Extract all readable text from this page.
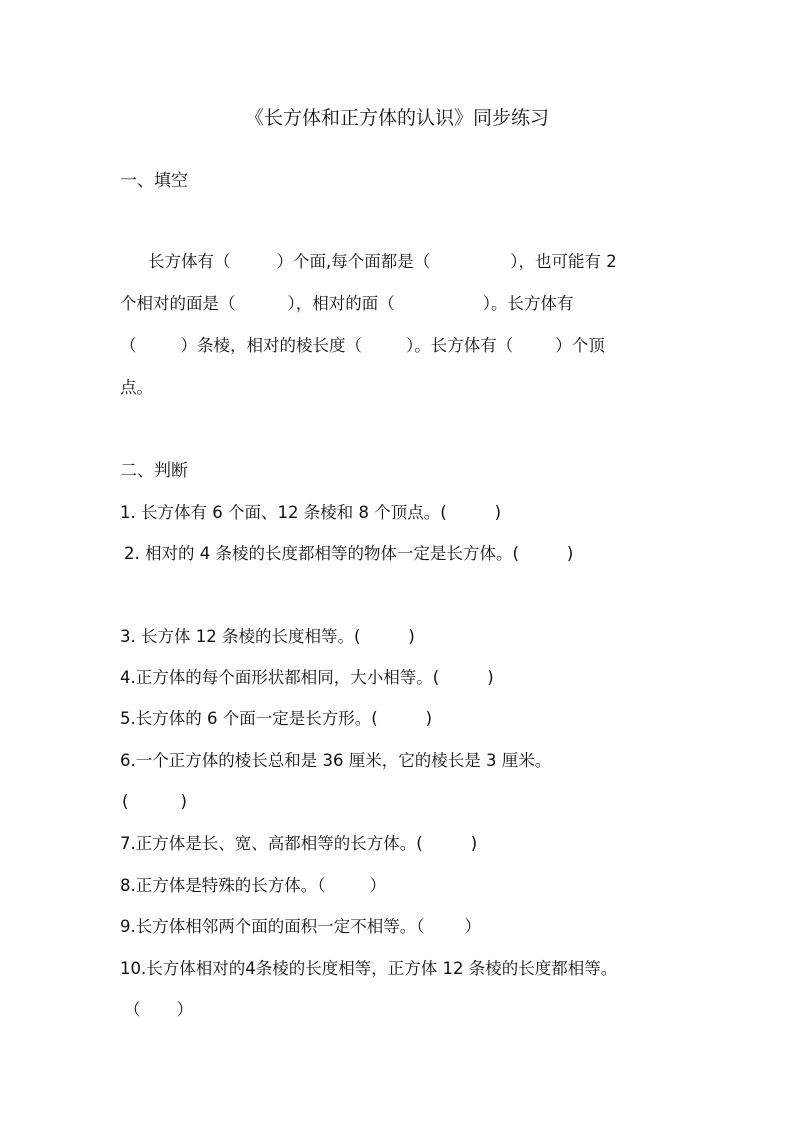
《长方体和正方体的认识》同步练习
一、填空
长方体有（	）个面,每个面都是（	），也可能有 2
个相对的面是（	），相对的面（	）。长方体有
（	）条棱，相对的棱长度（	）。长方体有（	）个顶
点。
二、判断
1. 长方体有 6 个面、12 条棱和 8 个顶点。(	)
2. 相对的 4 条棱的长度都相等的物体一定是长方体。(	)
3. 长方体 12 条棱的长度相等。(	)
4.正方体的每个面形状都相同，大小相等。(	)
5.长方体的 6 个面一定是长方形。(	)
6.一个正方体的棱长总和是 36 厘米，它的棱长是 3 厘米。
(	)
7.正方体是长、宽、高都相等的长方体。(	)
8.正方体是特殊的长方体。（	）
9.长方体相邻两个面的面积一定不相等。（ ）
10.长方体相对的4条棱的长度相等，正方体 12 条棱的长度都相等。
（ ）
